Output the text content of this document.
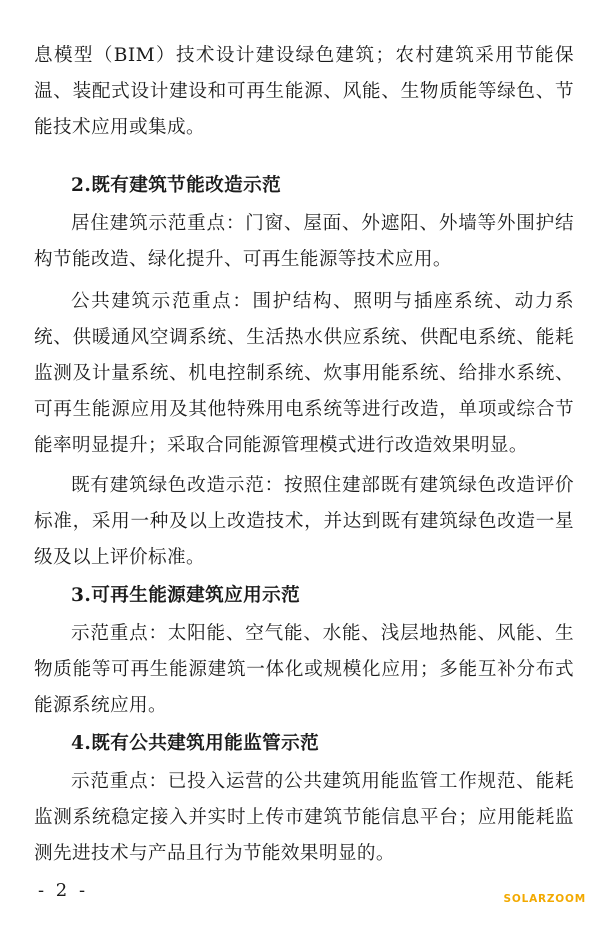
息模型（BIM）技术设计建设绿色建筑；农村建筑采用节能保温、装配式设计建设和可再生能源、风能、生物质能等绿色、节能技术应用或集成。

2.既有建筑节能改造示范

居住建筑示范重点：门窗、屋面、外遮阳、外墙等外围护结构节能改造、绿化提升、可再生能源等技术应用。

公共建筑示范重点：围护结构、照明与插座系统、动力系统、供暖通风空调系统、生活热水供应系统、供配电系统、能耗监测及计量系统、机电控制系统、炊事用能系统、给排水系统、可再生能源应用及其他特殊用电系统等进行改造，单项或综合节能率明显提升；采取合同能源管理模式进行改造效果明显。

既有建筑绿色改造示范：按照住建部既有建筑绿色改造评价标准，采用一种及以上改造技术，并达到既有建筑绿色改造一星级及以上评价标准。

3.可再生能源建筑应用示范

示范重点：太阳能、空气能、水能、浅层地热能、风能、生物质能等可再生能源建筑一体化或规模化应用；多能互补分布式能源系统应用。

4.既有公共建筑用能监管示范

示范重点：已投入运营的公共建筑用能监管工作规范、能耗监测系统稳定接入并实时上传市建筑节能信息平台；应用能耗监测先进技术与产品且行为节能效果明显的。

- 2 -	SOLARZOOM
